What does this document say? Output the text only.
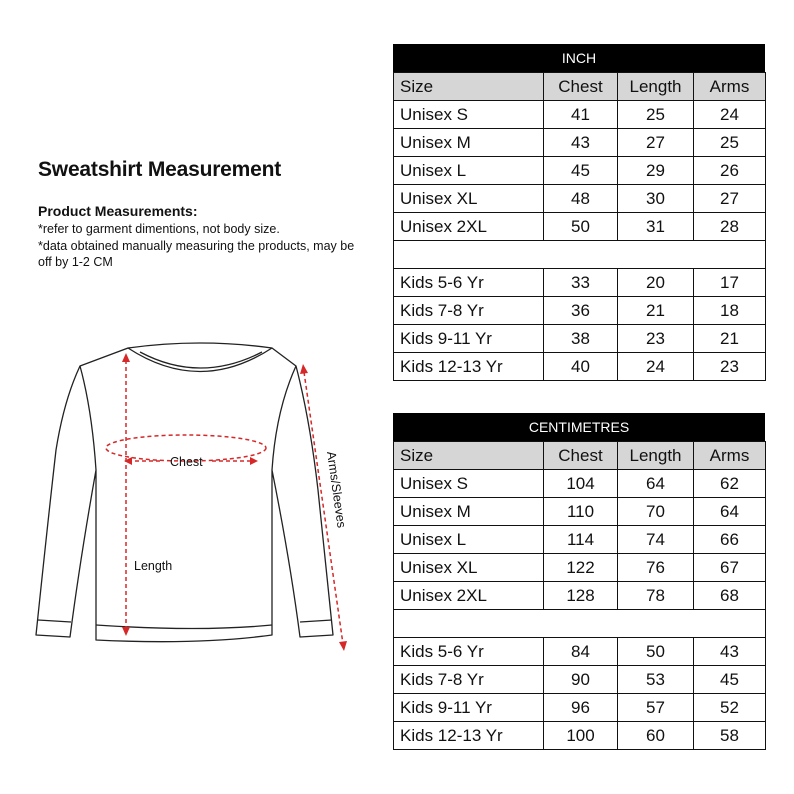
Sweatshirt Measurement
Product Measurements:
*refer to garment dimentions, not body size.
*data obtained manually measuring the products, may be off by 1-2 CM
Chest
Length
Arms/Sleeves
INCH
Size	Chest	Length	Arms
Unisex S	41	25	24
Unisex M	43	27	25
Unisex L	45	29	26
Unisex XL	48	30	27
Unisex 2XL	50	31	28

Kids 5-6 Yr	33	20	17
Kids 7-8 Yr	36	21	18
Kids 9-11 Yr	38	23	21
Kids 12-13 Yr	40	24	23
CENTIMETRES
Size	Chest	Length	Arms
Unisex S	104	64	62
Unisex M	110	70	64
Unisex L	114	74	66
Unisex XL	122	76	67
Unisex 2XL	128	78	68

Kids 5-6 Yr	84	50	43
Kids 7-8 Yr	90	53	45
Kids 9-11 Yr	96	57	52
Kids 12-13 Yr	100	60	58
